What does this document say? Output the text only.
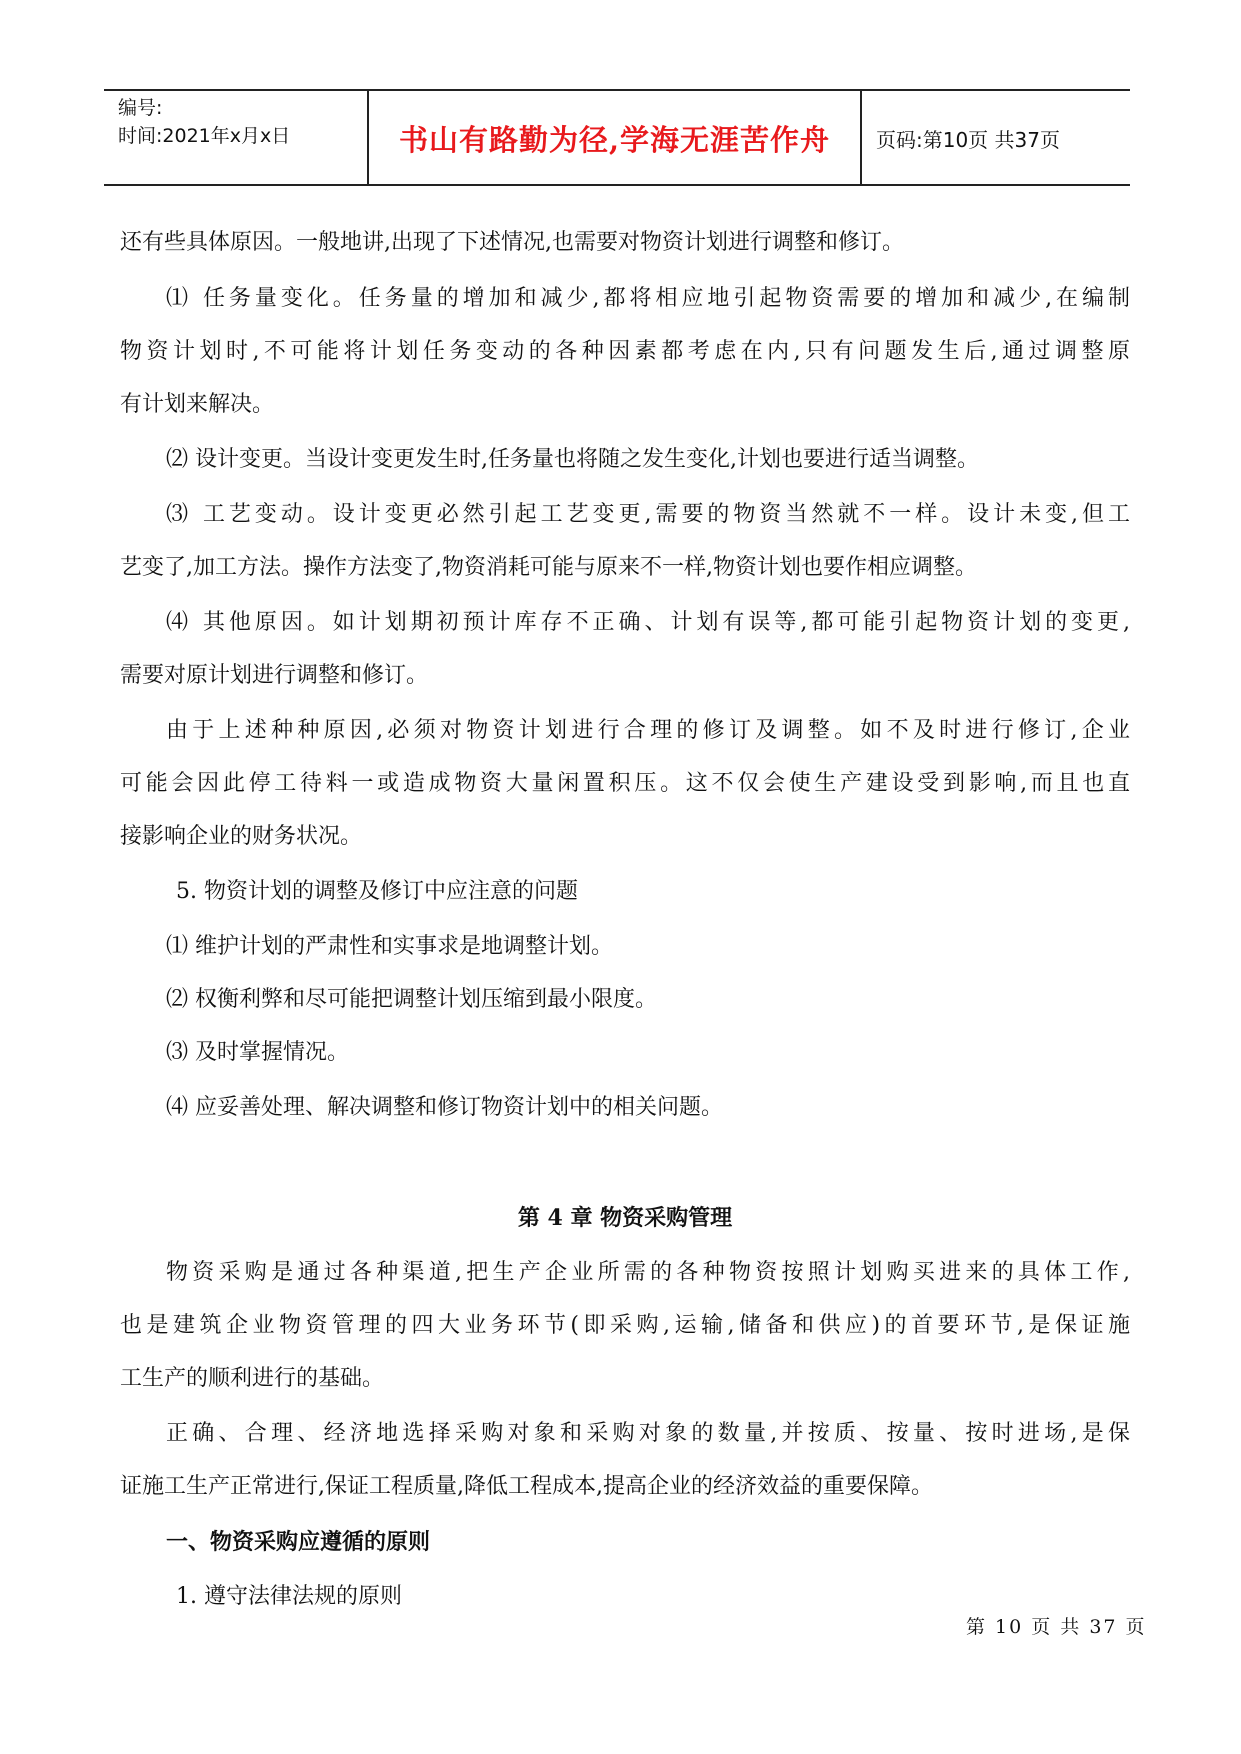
编号:
时间:2021年x月x日	书山有路勤为径,学海无涯苦作舟	页码:第10页 共37页
还有些具体原因。一般地讲,出现了下述情况,也需要对物资计划进行调整和修订。
⑴ 任务量变化。任务量的增加和减少,都将相应地引起物资需要的增加和减少,在编制
物资计划时,不可能将计划任务变动的各种因素都考虑在内,只有问题发生后,通过调整原
有计划来解决。
⑵ 设计变更。当设计变更发生时,任务量也将随之发生变化,计划也要进行适当调整。
⑶ 工艺变动。设计变更必然引起工艺变更,需要的物资当然就不一样。设计未变,但工
艺变了,加工方法。操作方法变了,物资消耗可能与原来不一样,物资计划也要作相应调整。
⑷ 其他原因。如计划期初预计库存不正确、计划有误等,都可能引起物资计划的变更,
需要对原计划进行调整和修订。
由于上述种种原因,必须对物资计划进行合理的修订及调整。如不及时进行修订,企业
可能会因此停工待料一或造成物资大量闲置积压。这不仅会使生产建设受到影响,而且也直
接影响企业的财务状况。
5. 物资计划的调整及修订中应注意的问题
⑴ 维护计划的严肃性和实事求是地调整计划。
⑵ 权衡利弊和尽可能把调整计划压缩到最小限度。
⑶ 及时掌握情况。
⑷ 应妥善处理、解决调整和修订物资计划中的相关问题。
第 4 章 物资采购管理
物资采购是通过各种渠道,把生产企业所需的各种物资按照计划购买进来的具体工作,
也是建筑企业物资管理的四大业务环节(即采购,运输,储备和供应)的首要环节,是保证施
工生产的顺利进行的基础。
正确、合理、经济地选择采购对象和采购对象的数量,并按质、按量、按时进场,是保
证施工生产正常进行,保证工程质量,降低工程成本,提高企业的经济效益的重要保障。
一、物资采购应遵循的原则
1. 遵守法律法规的原则
第 10 页 共 37 页
